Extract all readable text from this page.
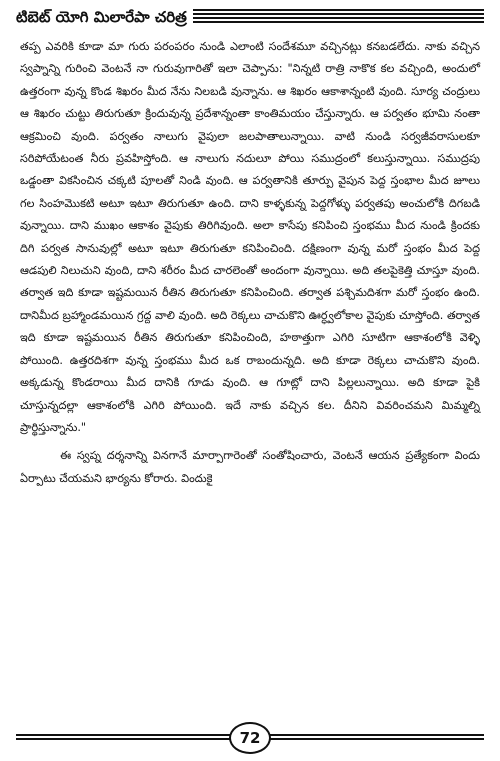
టిబెట్ యోగి మిలారేపా చరిత్ర

తప్ప ఎవరికి కూడా మా గురు పరంపరం నుండి ఎలాంటి సందేశమూ వచ్చినట్లు కనబడలేదు. నాకు వచ్చిన స్వప్నాన్ని గురించి వెంటనే నా గురువుగారితో ఇలా చెప్పాను: "నిన్నటి రాత్రి నాకొక కల వచ్చింది, అందులో ఉత్తరంగా వున్న కొండ శిఖరం మీద నేను నిలబడి వున్నాను. ఆ శిఖరం ఆకాశాన్నంటి వుంది. సూర్య చంద్రులు ఆ శిఖరం చుట్టు తిరుగుతూ క్రిందువున్న ప్రదేశాన్నంతా కాంతిమయం చేస్తున్నారు. ఆ పర్వతం భూమి నంతా ఆక్రమించి వుంది. పర్వతం నాలుగు వైపులా జలపాతాలున్నాయి. వాటి నుండి సర్వజీవరాసులకూ సరిపోయేటంత నీరు ప్రవహిస్తోంది. ఆ నాలుగు నదులూ పోయి సముద్రంలో కలుస్తున్నాయి. సముద్రపు ఒడ్డంతా వికసించిన చక్కటి పూలతో నిండి వుంది. ఆ పర్వతానికి తూర్పు వైపున పెద్ద స్తంభాల మీద జూలు గల సింహమొకటి అటూ ఇటూ తిరుగుతూ ఉంది. దాని కాళ్ళకున్న పెద్దగోళ్ళు పర్వతపు అంచులోకి దిగబడి వున్నాయి. దాని ముఖం ఆకాశం వైపుకు తిరిగివుంది. అలా కాసేపు కనిపించి స్తంభము మీద నుండి క్రిందకు దిగి పర్వత సానువుల్లో అటూ ఇటూ తిరుగుతూ కనిపించింది. దక్షిణంగా వున్న మరో స్తంభం మీద పెద్ద ఆడపులి నిలుచుని వుంది, దాని శరీరం మీద చారలెంతో అందంగా వున్నాయి. అది తలపైకెత్తి చూస్తూ వుంది. తర్వాత ఇది కూడా ఇష్టమయిన రీతిన తిరుగుతూ కనిపించింది. తర్వాత పశ్చిమదిశగా మరో స్తంభం ఉంది. దానిమీద బ్రహ్మాండమయిన గ్రద్ద వాలి వుంది. అది రెక్కలు చాచుకొని ఊర్ధ్వలోకాల వైపుకు చూస్తోంది. తర్వాత ఇది కూడా ఇష్టమయిన రీతిన తిరుగుతూ కనిపించింది, హఠాత్తుగా ఎగిరి సూటిగా ఆకాశంలోకి వెళ్ళి పోయింది. ఉత్తరదిశగా వున్న స్తంభము మీద ఒక రాబందున్నది. అది కూడా రెక్కలు చాచుకొని వుంది. అక్కడున్న కొండరాయి మీద దానికి గూడు వుంది. ఆ గూట్లో దాని పిల్లలున్నాయి. అది కూడా పైకి చూస్తున్నదల్లా ఆకాశంలోకి ఎగిరి పోయింది. ఇదే నాకు వచ్చిన కల. దీనిని వివరించమని మిమ్మల్ని ప్రార్థిస్తున్నాను."

ఈ స్వప్న దర్శనాన్ని వినగానే మార్పాగారెంతో సంతోషించారు, వెంటనే ఆయన ప్రత్యేకంగా విందు ఏర్పాటు చేయమని భార్యను కోరారు. విందుకై

72
